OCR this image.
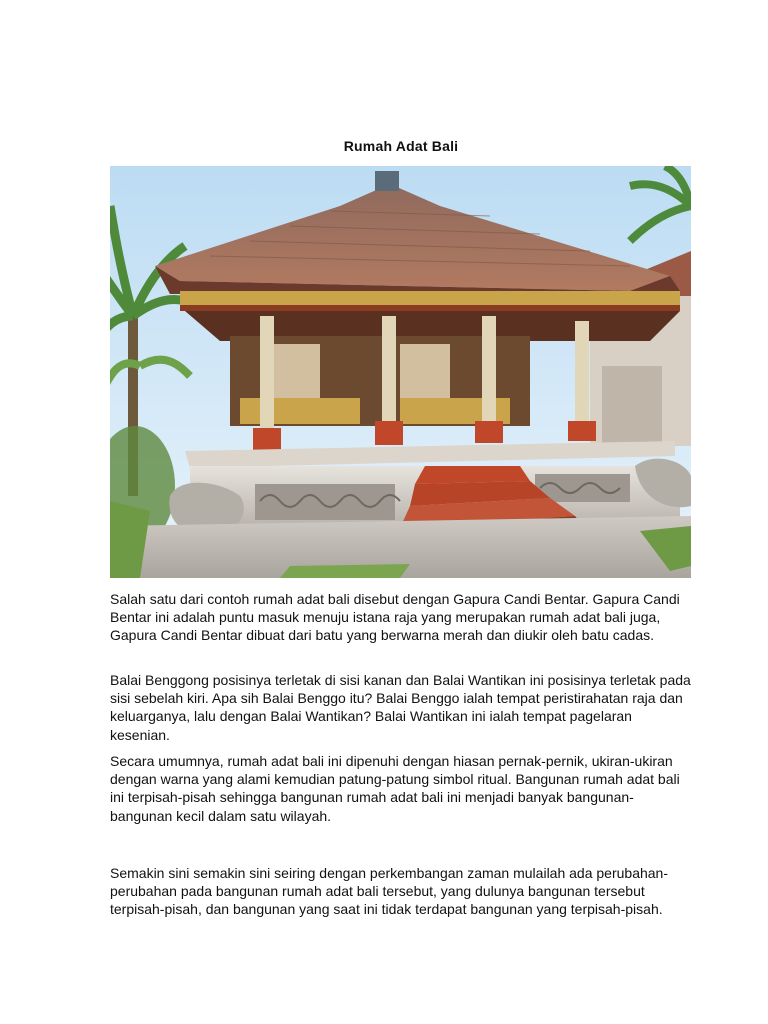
Rumah Adat Bali

Salah satu dari contoh rumah adat bali disebut dengan Gapura Candi Bentar. Gapura Candi Bentar ini adalah puntu masuk menuju istana raja yang merupakan rumah adat bali juga, Gapura Candi Bentar dibuat dari batu yang berwarna merah dan diukir oleh batu cadas.

Balai Benggong posisinya terletak di sisi kanan dan Balai Wantikan ini posisinya terletak pada sisi sebelah kiri. Apa sih Balai Benggo itu? Balai Benggo ialah tempat peristirahatan raja dan keluarganya, lalu dengan Balai Wantikan? Balai Wantikan ini ialah tempat pagelaran kesenian.

Secara umumnya, rumah adat bali ini dipenuhi dengan hiasan pernak-pernik, ukiran-ukiran dengan warna yang alami kemudian patung-patung simbol ritual. Bangunan rumah adat bali ini terpisah-pisah sehingga bangunan rumah adat bali ini menjadi banyak bangunan-bangunan kecil dalam satu wilayah.

Semakin sini semakin sini seiring dengan perkembangan zaman mulailah ada perubahan-perubahan pada bangunan rumah adat bali tersebut, yang dulunya bangunan tersebut terpisah-pisah, dan bangunan yang saat ini tidak terdapat bangunan yang terpisah-pisah.
